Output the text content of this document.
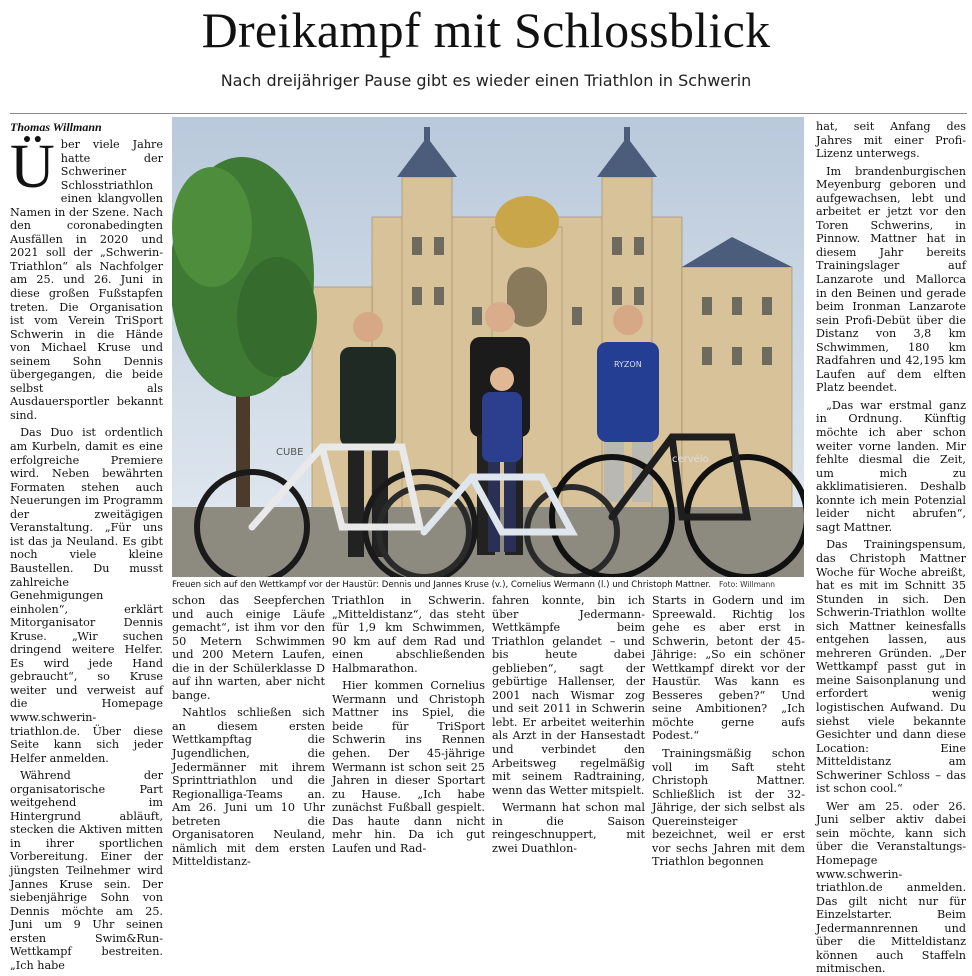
Dreikampf mit Schlossblick
Nach dreijähriger Pause gibt es wieder einen Triathlon in Schwerin
Thomas Willmann
Ü ber viele Jahre hatte der Schweriner Schlosstriathlon einen klangvollen Namen in der Szene. Nach den coronabedingten Ausfällen in 2020 und 2021 soll der „Schwerin-Triathlon“ als Nachfolger am 25. und 26. Juni in diese großen Fußstapfen treten. Die Organisation ist vom Verein TriSport Schwerin in die Hände von Michael Kruse und seinem Sohn Dennis übergegangen, die beide selbst als Ausdauersportler bekannt sind.

Das Duo ist ordentlich am Kurbeln, damit es eine erfolgreiche Premiere wird. Neben bewährten Formaten stehen auch Neuerungen im Programm der zweitägigen Veranstaltung. „Für uns ist das ja Neuland. Es gibt noch viele kleine Baustellen. Du musst zahlreiche Genehmigungen einholen“, erklärt Mitorganisator Dennis Kruse. „Wir suchen dringend weitere Helfer. Es wird jede Hand gebraucht“, so Kruse weiter und verweist auf die Homepage www.schwerin-triathlon.de. Über diese Seite kann sich jeder Helfer anmelden.

Während der organisatorische Part weitgehend im Hintergrund abläuft, stecken die Aktiven mitten in ihrer sportlichen Vorbereitung. Einer der jüngsten Teilnehmer wird Jannes Kruse sein. Der siebenjährige Sohn von Dennis möchte am 25. Juni um 9 Uhr seinen ersten Swim&Run-Wettkampf bestreiten. „Ich habe

CUBE
cervélo
RYZON
Freuen sich auf den Wettkampf vor der Haustür: Dennis und Jannes Kruse (v.), Cornelius Wermann (l.) und Christoph Mattner. Foto: Willmann

schon das Seepferchen und auch einige Läufe gemacht“, ist ihm vor den 50 Metern Schwimmen und 200 Metern Laufen, die in der Schülerklasse D auf ihn warten, aber nicht bange.

Nahtlos schließen sich an diesem ersten Wettkampftag die Jugendlichen, die Jedermänner mit ihrem Sprinttriathlon und die Regionalliga-Teams an. Am 26. Juni um 10 Uhr betreten die Organisatoren Neuland, nämlich mit dem ersten Mitteldistanz-

Triathlon in Schwerin. „Mitteldistanz“, das steht für 1,9 km Schwimmen, 90 km auf dem Rad und einen abschließenden Halbmarathon.

Hier kommen Cornelius Wermann und Christoph Mattner ins Spiel, die beide für TriSport Schwerin ins Rennen gehen. Der 45-jährige Wermann ist schon seit 25 Jahren in dieser Sportart zu Hause. „Ich habe zunächst Fußball gespielt. Das haute dann nicht mehr hin. Da ich gut Laufen und Rad-

fahren konnte, bin ich über Jedermann-Wettkämpfe beim Triathlon gelandet – und bis heute dabei geblieben“, sagt der gebürtige Hallenser, der 2001 nach Wismar zog und seit 2011 in Schwerin lebt. Er arbeitet weiterhin als Arzt in der Hansestadt und verbindet den Arbeitsweg regelmäßig mit seinem Radtraining, wenn das Wetter mitspielt.

Wermann hat schon mal in die Saison reingeschnuppert, mit zwei Duathlon-

Starts in Godern und im Spreewald. Richtig los gehe es aber erst in Schwerin, betont der 45-Jährige: „So ein schöner Wettkampf direkt vor der Haustür. Was kann es Besseres geben?“ Und seine Ambitionen? „Ich möchte gerne aufs Podest.“

Trainingsmäßig schon voll im Saft steht Christoph Mattner. Schließlich ist der 32-Jährige, der sich selbst als Quereinsteiger bezeichnet, weil er erst vor sechs Jahren mit dem Triathlon begonnen

hat, seit Anfang des Jahres mit einer Profi-Lizenz unterwegs.

Im brandenburgischen Meyenburg geboren und aufgewachsen, lebt und arbeitet er jetzt vor den Toren Schwerins, in Pinnow. Mattner hat in diesem Jahr bereits Trainingslager auf Lanzarote und Mallorca in den Beinen und gerade beim Ironman Lanzarote sein Profi-Debüt über die Distanz von 3,8 km Schwimmen, 180 km Radfahren und 42,195 km Laufen auf dem elften Platz beendet.

„Das war erstmal ganz in Ordnung. Künftig möchte ich aber schon weiter vorne landen. Mir fehlte diesmal die Zeit, um mich zu akklimatisieren. Deshalb konnte ich mein Potenzial leider nicht abrufen“, sagt Mattner.

Das Trainingspensum, das Christoph Mattner Woche für Woche abreißt, hat es mit im Schnitt 35 Stunden in sich. Den Schwerin-Triathlon wollte sich Mattner keinesfalls entgehen lassen, aus mehreren Gründen. „Der Wettkampf passt gut in meine Saisonplanung und erfordert wenig logistischen Aufwand. Du siehst viele bekannte Gesichter und dann diese Location: Eine Mitteldistanz am Schweriner Schloss – das ist schon cool.“

Wer am 25. oder 26. Juni selber aktiv dabei sein möchte, kann sich über die Veranstaltungs-Homepage www.schwerin-triathlon.de anmelden. Das gilt nicht nur für Einzelstarter. Beim Jedermannrennen und über die Mitteldistanz können auch Staffeln mitmischen.
